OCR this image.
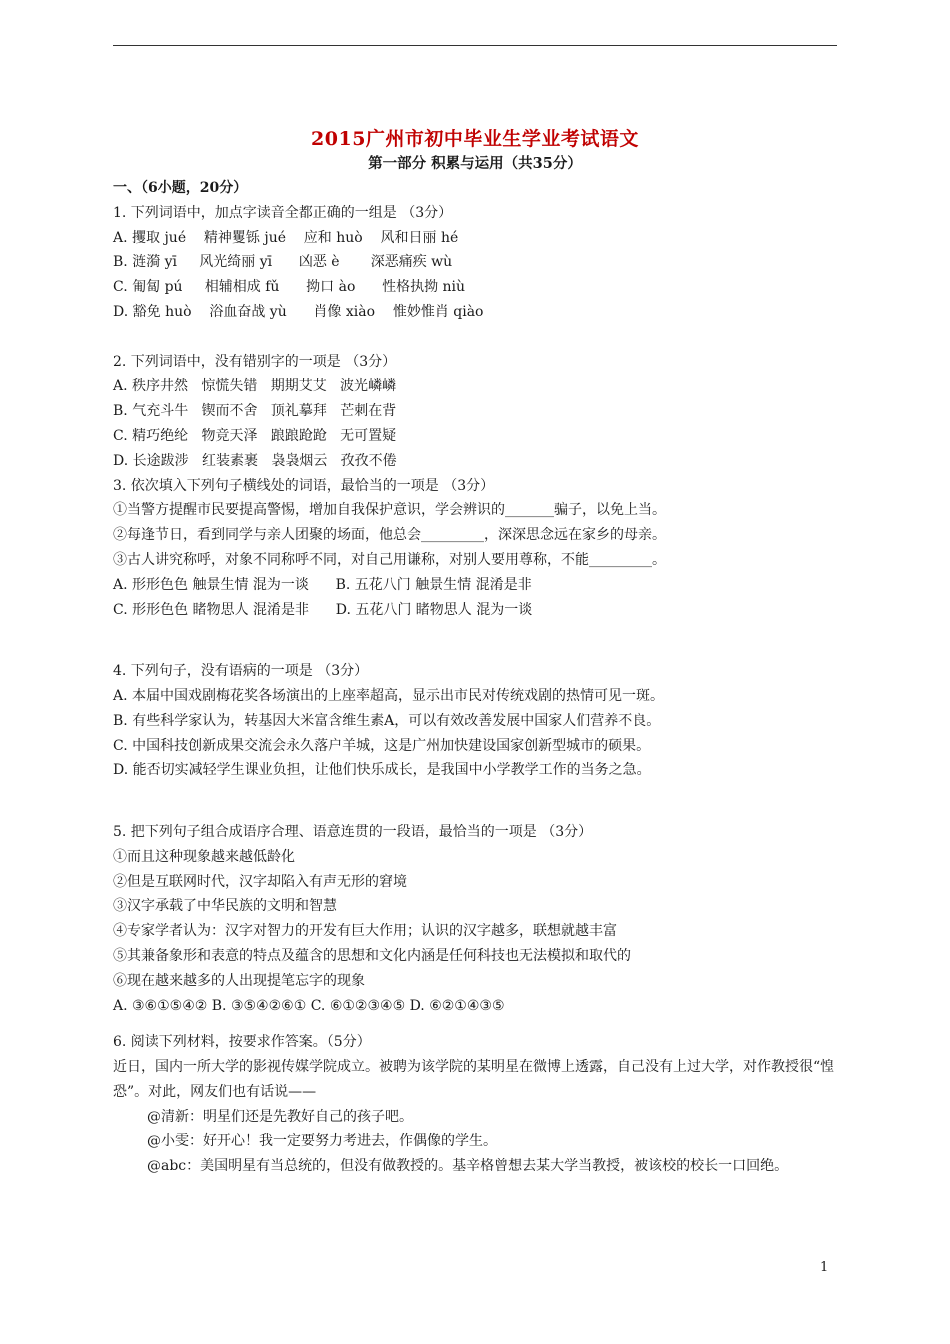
2015广州市初中毕业生学业考试语文
第一部分 积累与运用（共35分）
一、（6小题，20分）
1. 下列词语中，加点字读音全都正确的一组是 （3分）
A. 攫取 jué    精神矍铄 jué    应和 huò    风和日丽 hé
B. 涟漪 yī     风光绮丽 yī      凶恶 è       深恶痛疾 wù
C. 匍匐 pú     相辅相成 fǔ      拗口 ào      性格执拗 niù
D. 豁免 huò    浴血奋战 yù      肖像 xiào    惟妙惟肖 qiào
2. 下列词语中，没有错别字的一项是 （3分）
A. 秩序井然   惊慌失错   期期艾艾   波光嶙嶙
B. 气充斗牛   锲而不舍   顶礼摹拜   芒刺在背
C. 精巧绝纶   物竞天泽   踉踉跄跄   无可置疑
D. 长途跋涉   红装素裹   袅袅烟云   孜孜不倦
3. 依次填入下列句子横线处的词语，最恰当的一项是 （3分）
①当警方提醒市民要提高警惕，增加自我保护意识，学会辨识的_______骗子，以免上当。
②每逢节日，看到同学与亲人团聚的场面，他总会_________，深深思念远在家乡的母亲。
③古人讲究称呼，对象不同称呼不同，对自己用谦称，对别人要用尊称，不能_________。
A. 形形色色 触景生情 混为一谈      B. 五花八门 触景生情 混淆是非
C. 形形色色 睹物思人 混淆是非      D. 五花八门 睹物思人 混为一谈
4. 下列句子，没有语病的一项是 （3分）
A. 本届中国戏剧梅花奖各场演出的上座率超高，显示出市民对传统戏剧的热情可见一斑。
B. 有些科学家认为，转基因大米富含维生素A，可以有效改善发展中国家人们营养不良。
C. 中国科技创新成果交流会永久落户羊城，这是广州加快建设国家创新型城市的硕果。
D. 能否切实减轻学生课业负担，让他们快乐成长，是我国中小学教学工作的当务之急。
5. 把下列句子组合成语序合理、语意连贯的一段语，最恰当的一项是 （3分）
①而且这种现象越来越低龄化
②但是互联网时代，汉字却陷入有声无形的窘境
③汉字承载了中华民族的文明和智慧
④专家学者认为：汉字对智力的开发有巨大作用；认识的汉字越多，联想就越丰富
⑤其兼备象形和表意的特点及蕴含的思想和文化内涵是任何科技也无法模拟和取代的
⑥现在越来越多的人出现提笔忘字的现象
A. ③⑥①⑤④② B. ③⑤④②⑥① C. ⑥①②③④⑤ D. ⑥②①④③⑤
6. 阅读下列材料，按要求作答案。（5分）
近日，国内一所大学的影视传媒学院成立。被聘为该学院的某明星在微博上透露，自己没有上过大学，对作教授很“惶恐”。对此，网友们也有话说——
@清新：明星们还是先教好自己的孩子吧。
@小雯：好开心！我一定要努力考进去，作偶像的学生。
@abc：美国明星有当总统的，但没有做教授的。基辛格曾想去某大学当教授，被该校的校长一口回绝。
1
